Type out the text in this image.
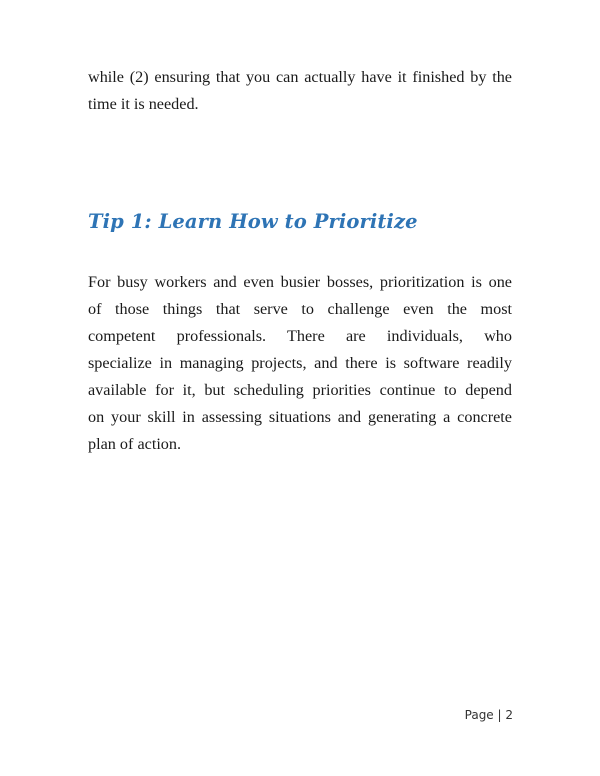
while (2) ensuring that you can actually have it finished by the
time it is needed.

Tip 1: Learn How to Prioritize

For busy workers and even busier bosses, prioritization is one
of those things that serve to challenge even the most
competent professionals. There are individuals, who
specialize in managing projects, and there is software readily
available for it, but scheduling priorities continue to depend
on your skill in assessing situations and generating a concrete
plan of action.

Page | 2
